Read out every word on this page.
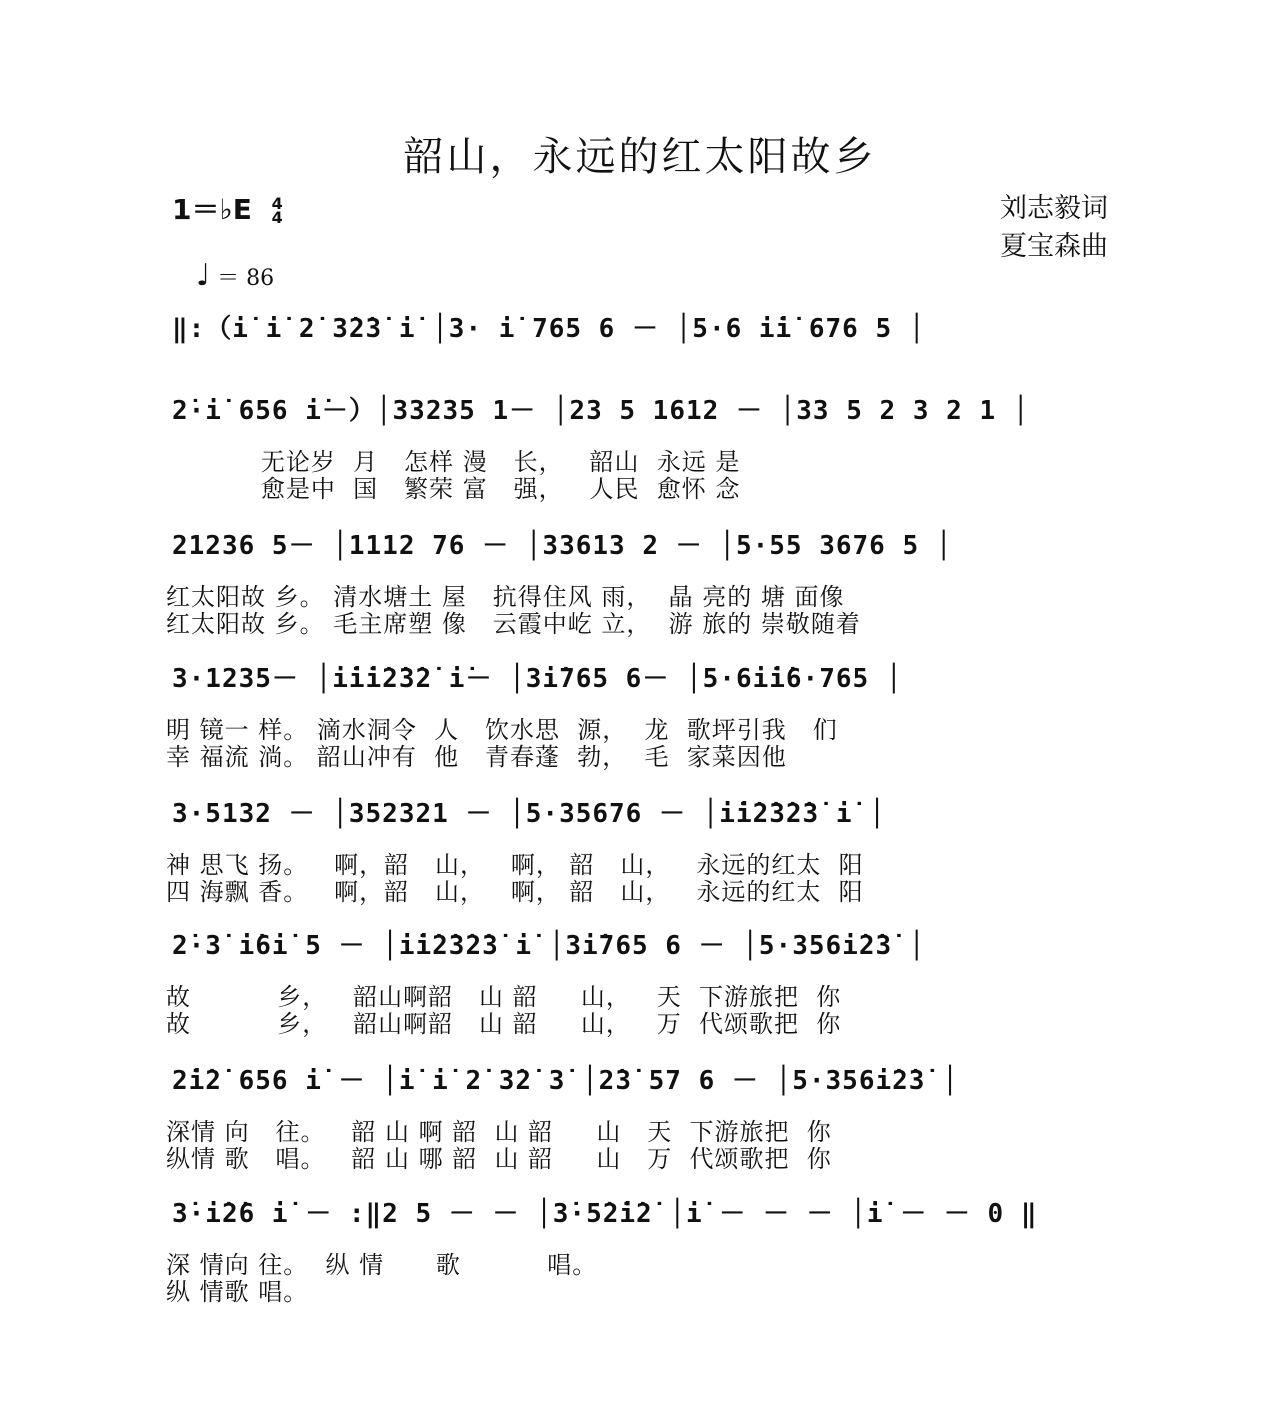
韶山，永远的红太阳故乡
1＝♭E 4
4	刘志毅词
夏宝森曲
♩ ＝ 86
‖:（i̇ i̇ 2̇ 3̇2̇3̇ i̇ │3· i̇ 765 6 － │5·6 i̇i̇ 676 5 │
2̇·i̇ 656 i̇－）│33235 1－ │23 5 1612 － │33 5 2 3 2 1 │
无论岁  月   怎样 漫   长，   韶山  永远 是
愈是中  国   繁荣 富   强，   人民  愈怀 念
21236 5－ │1112 76 － │33613 2 － │5·55 3676 5 │
红太阳故 乡。 清水塘土 屋   抗得住风 雨，  晶 亮的 塘 面像
红太阳故 乡。 毛主席塑 像   云霞中屹 立，  游 旅的 崇敬随着
3·1235－ │i̇i̇i̇2̇3̇2̇ i̇－ │3i̇765 6－ │5·6i̇i̇6·765 │
明 镜一 样。 滴水洞令  人   饮水思  源，  龙  歌坪引我   们
幸 福流 淌。 韶山冲有  他   青春蓬  勃，  毛  家菜因他
3·5132 － │352321 － │5·35676 － │i̇i̇2̇3̇2̇3̇ i̇ │
神 思飞 扬。   啊，韶   山，   啊， 韶   山，   永远的红太  阳
四 海飘 香。   啊，韶   山，   啊， 韶   山，   永远的红太  阳
2̇·3̇ i̇6i̇ 5 － │i̇i̇2̇3̇2̇3̇ i̇ │3i̇765 6 － │5·356i̇2̇3̇ │
故          乡，   韶山啊韶   山 韶     山，   天  下游旅把  你
故          乡，   韶山啊韶   山 韶     山，   万  代颂歌把  你
2̇i̇2̇ 656 i̇ － │i̇ i̇ 2̇ 3̇2̇ 3̇ │2̇3̇ 57 6 － │5·356i̇2̇3̇ │
深情 向   往。   韶 山 啊 韶  山 韶     山   天  下游旅把  你
纵情 歌   唱。   韶 山 哪 韶  山 韶     山   万  代颂歌把  你
3̇·i̇2̇6 i̇ － :‖2 5 － － │3̇·5̇2̇i̇2̇ │i̇ － － － │i̇ － － 0 ‖
深 情向 往。  纵 情      歌          唱。
纵 情歌 唱。
